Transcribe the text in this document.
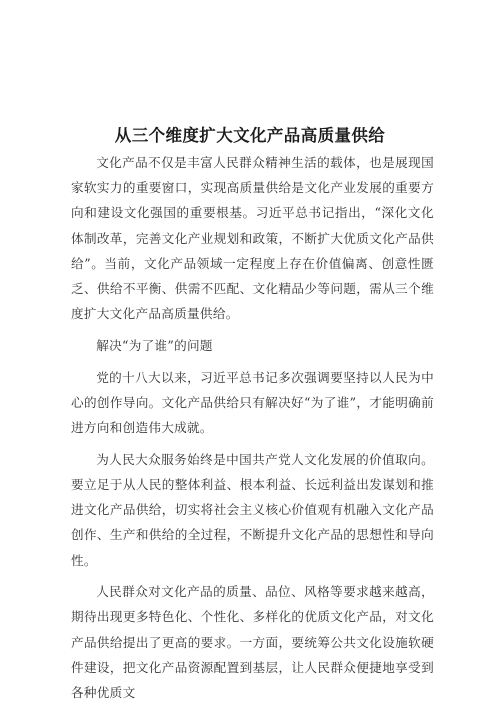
从三个维度扩大文化产品高质量供给

文化产品不仅是丰富人民群众精神生活的载体，也是展现国家软实力的重要窗口，实现高质量供给是文化产业发展的重要方向和建设文化强国的重要根基。习近平总书记指出，“深化文化体制改革，完善文化产业规划和政策，不断扩大优质文化产品供给”。当前，文化产品领域一定程度上存在价值偏离、创意性匮乏、供给不平衡、供需不匹配、文化精品少等问题，需从三个维度扩大文化产品高质量供给。

解决“为了谁”的问题

党的十八大以来，习近平总书记多次强调要坚持以人民为中心的创作导向。文化产品供给只有解决好“为了谁”，才能明确前进方向和创造伟大成就。

为人民大众服务始终是中国共产党人文化发展的价值取向。要立足于从人民的整体利益、根本利益、长远利益出发谋划和推进文化产品供给，切实将社会主义核心价值观有机融入文化产品创作、生产和供给的全过程，不断提升文化产品的思想性和导向性。

人民群众对文化产品的质量、品位、风格等要求越来越高，期待出现更多特色化、个性化、多样化的优质文化产品，对文化产品供给提出了更高的要求。一方面，要统筹公共文化设施软硬件建设，把文化产品资源配置到基层，让人民群众便捷地享受到各种优质文
